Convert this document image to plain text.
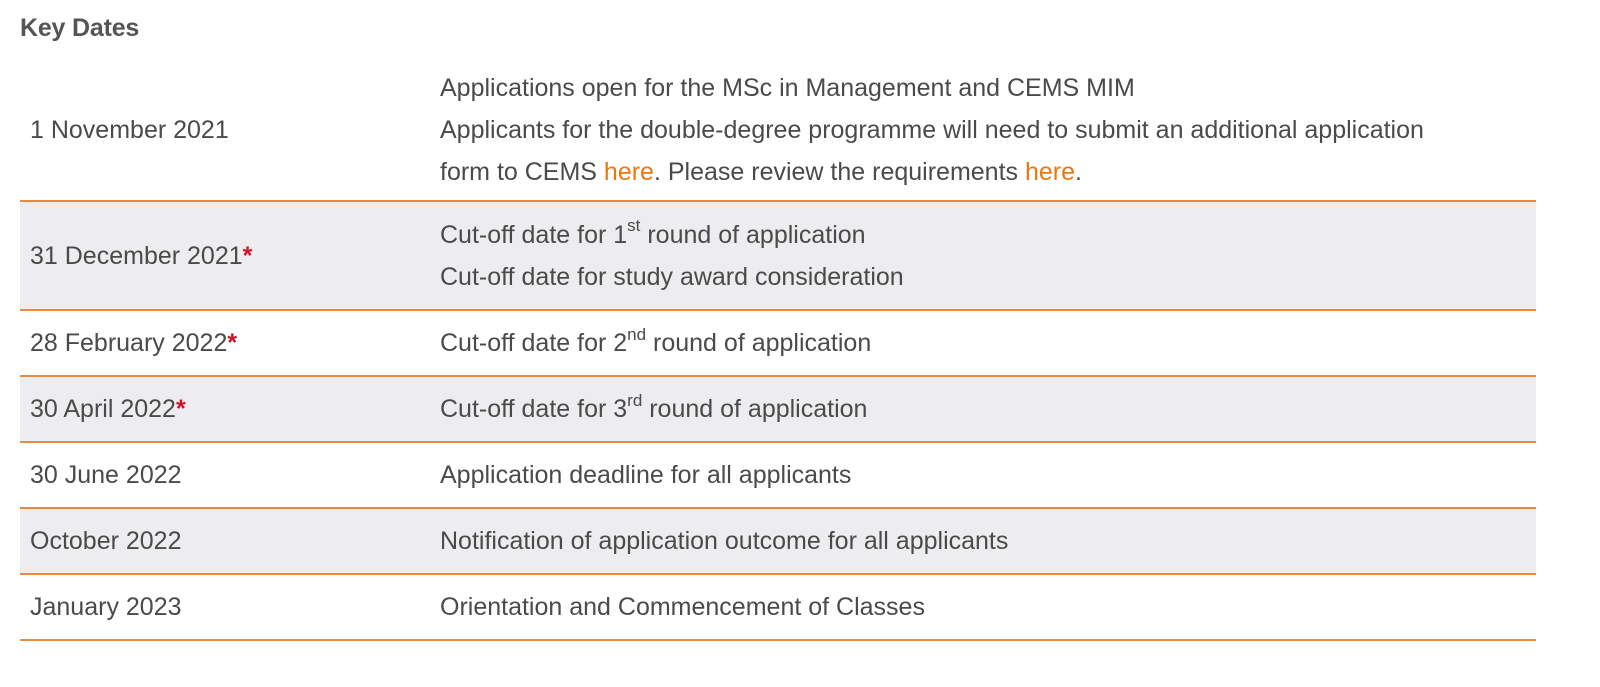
Key Dates
1 November 2021	Applications open for the MSc in Management and CEMS MIM
Applicants for the double-degree programme will need to submit an additional application
form to CEMS here. Please review the requirements here.

31 December 2021*	Cut-off date for 1st round of application
Cut-off date for study award consideration

28 February 2022*	Cut-off date for 2nd round of application
30 April 2022*	Cut-off date for 3rd round of application
30 June 2022	Application deadline for all applicants
October 2022	Notification of application outcome for all applicants
January 2023	Orientation and Commencement of Classes
